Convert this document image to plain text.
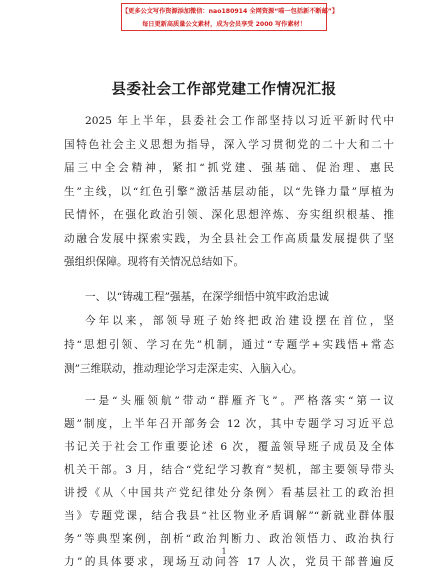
【更多公文写作资源添加微信：nao180914 全网资源“喵一包括新不断邮”】
每日更新高质量公文素材，成为会员享受 2000 写作素材！
县委社会工作部党建工作情况汇报
2025 年上半年，县委社会工作部坚持以习近平新时代中
国特色社会主义思想为指导，深入学习贯彻党的二十大和二十
届三中全会精神，紧扣“抓党建、强基础、促治理、惠民
生”主线，以“红色引擎”激活基层动能，以“先锋力量”厚植为
民情怀，在强化政治引领、深化思想淬炼、夯实组织根基、推
动融合发展中探索实践，为全县社会工作高质量发展提供了坚
强组织保障。现将有关情况总结如下。
一、以“铸魂工程”强基，在深学细悟中筑牢政治忠诚
今年以来，部领导班子始终把政治建设摆在首位，坚
持“思想引领、学习在先”机制，通过“专题学+实践悟+常态
测”三维联动，推动理论学习走深走实、入脑入心。
一是“头雁领航”带动“群雁齐飞”。严格落实“第一议
题”制度，上半年召开部务会 12 次，其中专题学习习近平总
书记关于社会工作重要论述 6 次，覆盖领导班子成员及全体
机关干部。3 月，结合“党纪学习教育”契机，部主要领导带头
讲授《从〈中国共产党纪律处分条例〉看基层社工的政治担
当》专题党课，结合我县“社区物业矛盾调解”“新就业群体服
务”等典型案例，剖析“政治判断力、政治领悟力、政治执行
力”的具体要求，现场互动问答 17 人次，党员干部普遍反
1
